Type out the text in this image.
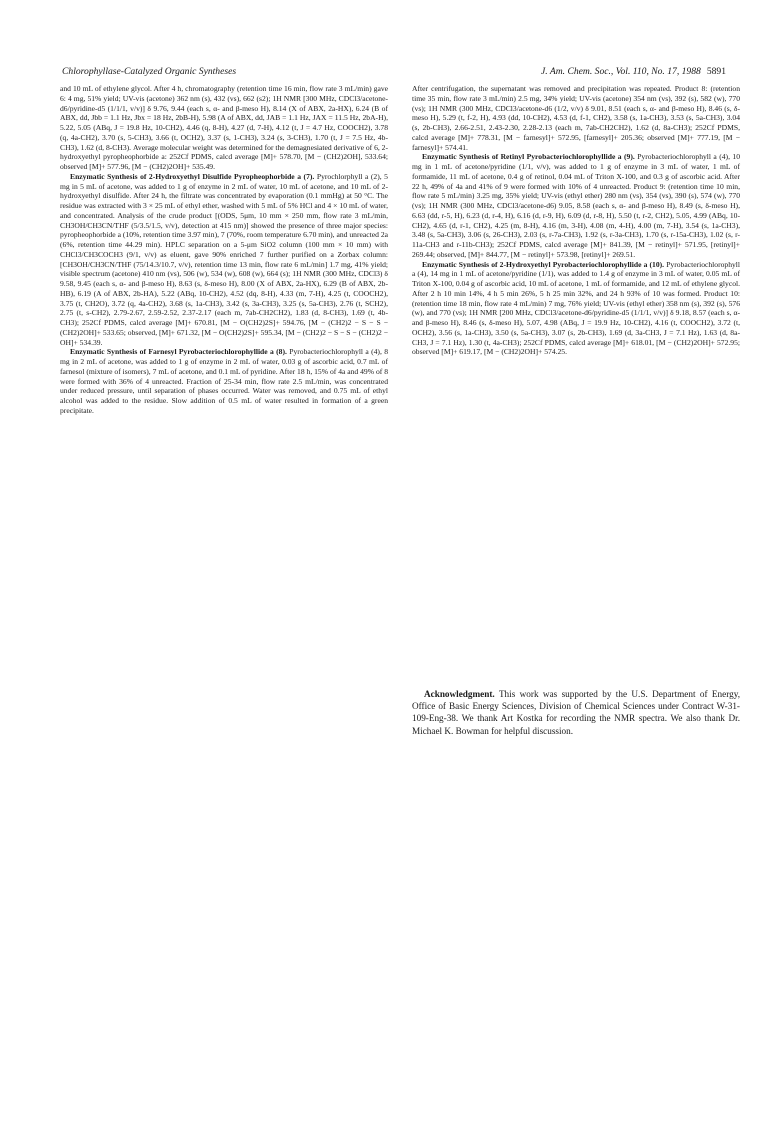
Chlorophyllase-Catalyzed Organic Syntheses	J. Am. Chem. Soc., Vol. 110, No. 17, 1988 5891

and 10 mL of ethylene glycol. After 4 h, chromatography (retention time 16 min, flow rate 3 mL/min) gave 6: 4 mg, 51% yield; UV-vis (acetone) 362 nm (s), 432 (vs), 662 (s2); 1H NMR [300 MHz, CDCl3/acetone-d6/pyridine-d5 (1/1/1, v/v)] δ 9.76, 9.44 (each s, α- and β-meso H), 8.14 (X of ABX, 2a-HX), 6.24 (B of ABX, dd, Jbb = 1.1 Hz, Jbx = 18 Hz, 2bB-H), 5.98 (A of ABX, dd, JAB = 1.1 Hz, JAX = 11.5 Hz, 2bA-H), 5.22, 5.05 (ABq, J = 19.8 Hz, 10-CH2), 4.46 (q, 8-H), 4.27 (d, 7-H), 4.12 (t, J = 4.7 Hz, COOCH2), 3.78 (q, 4a-CH2), 3.70 (s, 5-CH3), 3.66 (t, OCH2), 3.37 (s, 1-CH3), 3.24 (s, 3-CH3), 1.70 (t, J = 7.5 Hz, 4b-CH3), 1.62 (d, 8-CH3). Average molecular weight was determined for the demagnesiated derivative of 6, 2-hydroxyethyl pyropheophorbide a: 252Cf PDMS, calcd average [M]+ 578.70, [M − (CH2)2OH], 533.64; observed [M]+ 577.96, [M − (CH2)2OH]+ 535.49.

Enzymatic Synthesis of 2-Hydroxyethyl Disulfide Pyropheophorbide a (7). Pyrochlorphyll a (2), 5 mg in 5 mL of acetone, was added to 1 g of enzyme in 2 mL of water, 10 mL of acetone, and 10 mL of 2-hydroxyethyl disulfide. After 24 h, the filtrate was concentrated by evaporation (0.1 mmHg) at 50 °C. The residue was extracted with 3 × 25 mL of ethyl ether, washed with 5 mL of 5% HCl and 4 × 10 mL of water, and concentrated. Analysis of the crude product [(ODS, 5μm, 10 mm × 250 mm, flow rate 3 mL/min, CH3OH/CH3CN/THF (5/3.5/1.5, v/v), detection at 415 nm)] showed the presence of three major species: pyropheophorbide a (10%, retention time 3.97 min), 7 (70%, room temperature 6.70 min), and unreacted 2a (6%, retention time 44.29 min). HPLC separation on a 5-μm SiO2 column (100 mm × 10 mm) with CHCl3/CH3COCH3 (9/1, v/v) as eluent, gave 90% enriched 7 further purified on a Zorbax column: [CH3OH/CH3CN/THF (75/14.3/10.7, v/v), retention time 13 min, flow rate 6 mL/min] 1.7 mg, 41% yield; visible spectrum (acetone) 410 nm (vs), 506 (w), 534 (w), 608 (w), 664 (s); 1H NMR (300 MHz, CDCl3) δ 9.58, 9.45 (each s, α- and β-meso H), 8.63 (s, δ-meso H), 8.00 (X of ABX, 2a-HX), 6.29 (B of ABX, 2b-HB), 6.19 (A of ABX, 2b-HA), 5.22 (ABq, 10-CH2), 4.52 (dq, 8-H), 4.33 (m, 7-H), 4.25 (t, COOCH2), 3.75 (t, CH2O), 3.72 (q, 4a-CH2), 3.68 (s, 1a-CH3), 3.42 (s, 3a-CH3), 3.25 (s, 5a-CH3), 2.76 (t, SCH2), 2.75 (t, s-CH2), 2.79-2.67, 2.59-2.52, 2.37-2.17 (each m, 7ab-CH2CH2), 1.83 (d, 8-CH3), 1.69 (t, 4b-CH3); 252Cf PDMS, calcd average [M]+ 670.81, [M − O(CH2)2S]+ 594.76, [M − (CH2)2 − S − S − (CH2)2OH]+ 533.65; observed, [M]+ 671.32, [M − O(CH2)2S]+ 595.34, [M − (CH2)2 − S − S − (CH2)2 − OH]+ 534.39.

Enzymatic Synthesis of Farnesyl Pyrobacteriochlorophyllide a (8). Pyrobacteriochlorophyll a (4), 8 mg in 2 mL of acetone, was added to 1 g of enzyme in 2 mL of water, 0.03 g of ascorbic acid, 0.7 mL of farnesol (mixture of isomers), 7 mL of acetone, and 0.1 mL of pyridine. After 18 h, 15% of 4a and 49% of 8 were formed with 36% of 4 unreacted. Fraction of 25-34 min, flow rate 2.5 mL/min, was concentrated under reduced pressure, until separation of phases occurred. Water was removed, and 0.75 mL of ethyl alcohol was added to the residue. Slow addition of 0.5 mL of water resulted in formation of a green precipitate.

After centrifugation, the supernatant was removed and precipitation was repeated. Product 8: (retention time 35 min, flow rate 3 mL/min) 2.5 mg, 34% yield; UV-vis (acetone) 354 nm (vs), 392 (s), 582 (w), 770 (vs); 1H NMR (300 MHz, CDCl3/acetone-d6 (1/2, v/v) δ 9.01, 8.51 (each s, α- and β-meso H), 8.46 (s, δ-meso H), 5.29 (t, f-2, H), 4.93 (dd, 10-CH2), 4.53 (d, f-1, CH2), 3.58 (s, 1a-CH3), 3.53 (s, 5a-CH3), 3.04 (s, 2b-CH3), 2.66-2.51, 2.43-2.30, 2.28-2.13 (each m, 7ab-CH2CH2), 1.62 (d, 8a-CH3); 252Cf PDMS, calcd average [M]+ 778.31, [M − farnesyl]+ 572.95, [farnesyl]+ 205.36; observed [M]+ 777.19, [M − farnesyl]+ 574.41.

Enzymatic Synthesis of Retinyl Pyrobacteriochlorophyllide a (9). Pyrobacteriochlorophyll a (4), 10 mg in 1 mL of acetone/pyridine (1/1, v/v), was added to 1 g of enzyme in 3 mL of water, 1 mL of formamide, 11 mL of acetone, 0.4 g of retinol, 0.04 mL of Triton X-100, and 0.3 g of ascorbic acid. After 22 h, 49% of 4a and 41% of 9 were formed with 10% of 4 unreacted. Product 9: (retention time 10 min, flow rate 5 mL/min) 3.25 mg, 35% yield; UV-vis (ethyl ether) 280 nm (vs), 354 (vs), 390 (s), 574 (w), 770 (vs); 1H NMR (300 MHz, CDCl3/acetone-d6) 9.05, 8.58 (each s, α- and β-meso H), 8.49 (s, δ-meso H), 6.63 (dd, r-5, H), 6.23 (d, r-4, H), 6.16 (d, r-9, H), 6.09 (d, r-8, H), 5.50 (t, r-2, CH2), 5.05, 4.99 (ABq, 10-CH2), 4.65 (d, r-1, CH2), 4.25 (m, 8-H), 4.16 (m, 3-H), 4.08 (m, 4-H), 4.00 (m, 7-H), 3.54 (s, 1a-CH3), 3.48 (s, 5a-CH3), 3.06 (s, 26-CH3), 2.03 (s, r-7a-CH3), 1.92 (s, r-3a-CH3), 1.70 (s, r-15a-CH3), 1.02 (s, r-11a-CH3 and r-11b-CH3); 252Cf PDMS, calcd average [M]+ 841.39, [M − retinyl]+ 571.95, [retinyl]+ 269.44; observed, [M]+ 844.77, [M − retinyl]+ 573.98, [retinyl]+ 269.51.

Enzymatic Synthesis of 2-Hydroxyethyl Pyrobacteriochlorophyllide a (10). Pyrobacteriochlorophyll a (4), 14 mg in 1 mL of acetone/pyridine (1/1), was added to 1.4 g of enzyme in 3 mL of water, 0.05 mL of Triton X-100, 0.04 g of ascorbic acid, 10 mL of acetone, 1 mL of formamide, and 12 mL of ethylene glycol. After 2 h 10 min 14%, 4 h 5 min 26%, 5 h 25 min 32%, and 24 h 93% of 10 was formed. Product 10: (retention time 18 min, flow rate 4 mL/min) 7 mg, 76% yield; UV-vis (ethyl ether) 358 nm (s), 392 (s), 576 (w), and 770 (vs); 1H NMR [200 MHz, CDCl3/acetone-d6/pyridine-d5 (1/1/1, v/v)] δ 9.18, 8.57 (each s, α- and β-meso H), 8.46 (s, δ-meso H), 5.07, 4.98 (ABq, J = 19.9 Hz, 10-CH2), 4.16 (t, COOCH2), 3.72 (t, OCH2), 3.56 (s, 1a-CH3), 3.50 (s, 5a-CH3), 3.07 (s, 2b-CH3), 1.69 (d, 3a-CH3, J = 7.1 Hz), 1.63 (d, 8a-CH3, J = 7.1 Hz), 1.30 (t, 4a-CH3); 252Cf PDMS, calcd average [M]+ 618.01, [M − (CH2)2OH]+ 572.95; observed [M]+ 619.17, [M − (CH2)2OH]+ 574.25.

Acknowledgment. This work was supported by the U.S. Department of Energy, Office of Basic Energy Sciences, Division of Chemical Sciences under Contract W-31-109-Eng-38. We thank Art Kostka for recording the NMR spectra. We also thank Dr. Michael K. Bowman for helpful discussion.
